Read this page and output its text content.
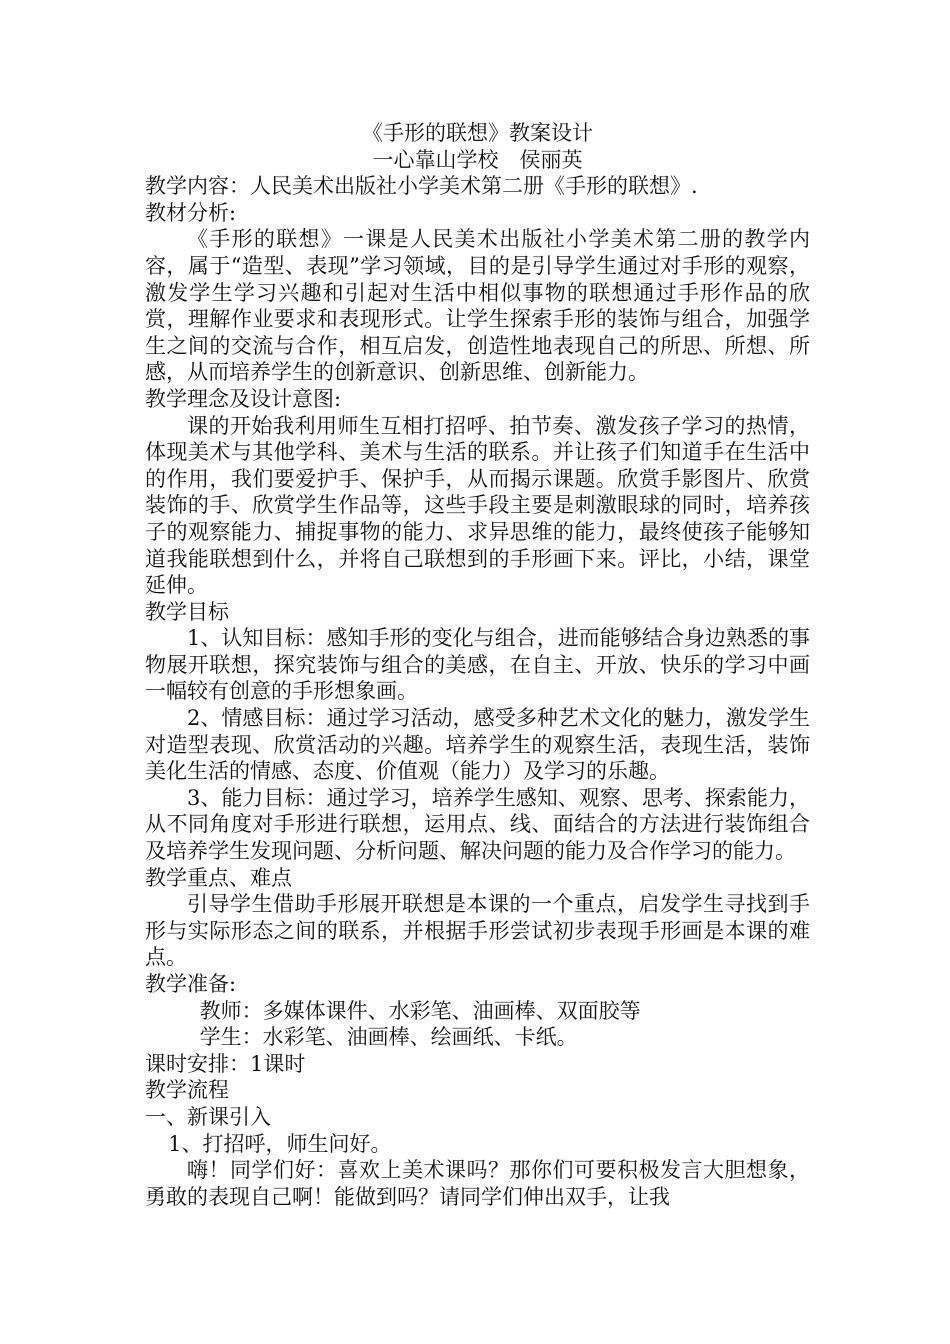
《手形的联想》教案设计

一心靠山学校　侯丽英

教学内容：人民美术出版社小学美术第二册《手形的联想》.

教材分析:

《手形的联想》一课是人民美术出版社小学美术第二册的教学内容，属于“造型、表现”学习领域，目的是引导学生通过对手形的观察，激发学生学习兴趣和引起对生活中相似事物的联想通过手形作品的欣赏，理解作业要求和表现形式。让学生探索手形的装饰与组合，加强学生之间的交流与合作，相互启发，创造性地表现自己的所思、所想、所感，从而培养学生的创新意识、创新思维、创新能力。

教学理念及设计意图:

课的开始我利用师生互相打招呼、拍节奏、激发孩子学习的热情，体现美术与其他学科、美术与生活的联系。并让孩子们知道手在生活中的作用，我们要爱护手、保护手，从而揭示课题。欣赏手影图片、欣赏装饰的手、欣赏学生作品等，这些手段主要是刺激眼球的同时，培养孩子的观察能力、捕捉事物的能力、求异思维的能力，最终使孩子能够知道我能联想到什么，并将自己联想到的手形画下来。评比，小结，课堂延伸。

教学目标

1、认知目标：感知手形的变化与组合，进而能够结合身边熟悉的事物展开联想，探究装饰与组合的美感，在自主、开放、快乐的学习中画一幅较有创意的手形想象画。

2、情感目标：通过学习活动，感受多种艺术文化的魅力，激发学生对造型表现、欣赏活动的兴趣。培养学生的观察生活，表现生活，装饰美化生活的情感、态度、价值观（能力）及学习的乐趣。

3、能力目标：通过学习，培养学生感知、观察、思考、探索能力，从不同角度对手形进行联想，运用点、线、面结合的方法进行装饰组合及培养学生发现问题、分析问题、解决问题的能力及合作学习的能力。

教学重点、难点

引导学生借助手形展开联想是本课的一个重点，启发学生寻找到手形与实际形态之间的联系，并根据手形尝试初步表现手形画是本课的难点。

教学准备:

教师：多媒体课件、水彩笔、油画棒、双面胶等

学生：水彩笔、油画棒、绘画纸、卡纸。

课时安排：1课时

教学流程

一、新课引入

1、打招呼，师生问好。

嗨！同学们好：喜欢上美术课吗？那你们可要积极发言大胆想象，勇敢的表现自己啊！能做到吗？请同学们伸出双手，让我
